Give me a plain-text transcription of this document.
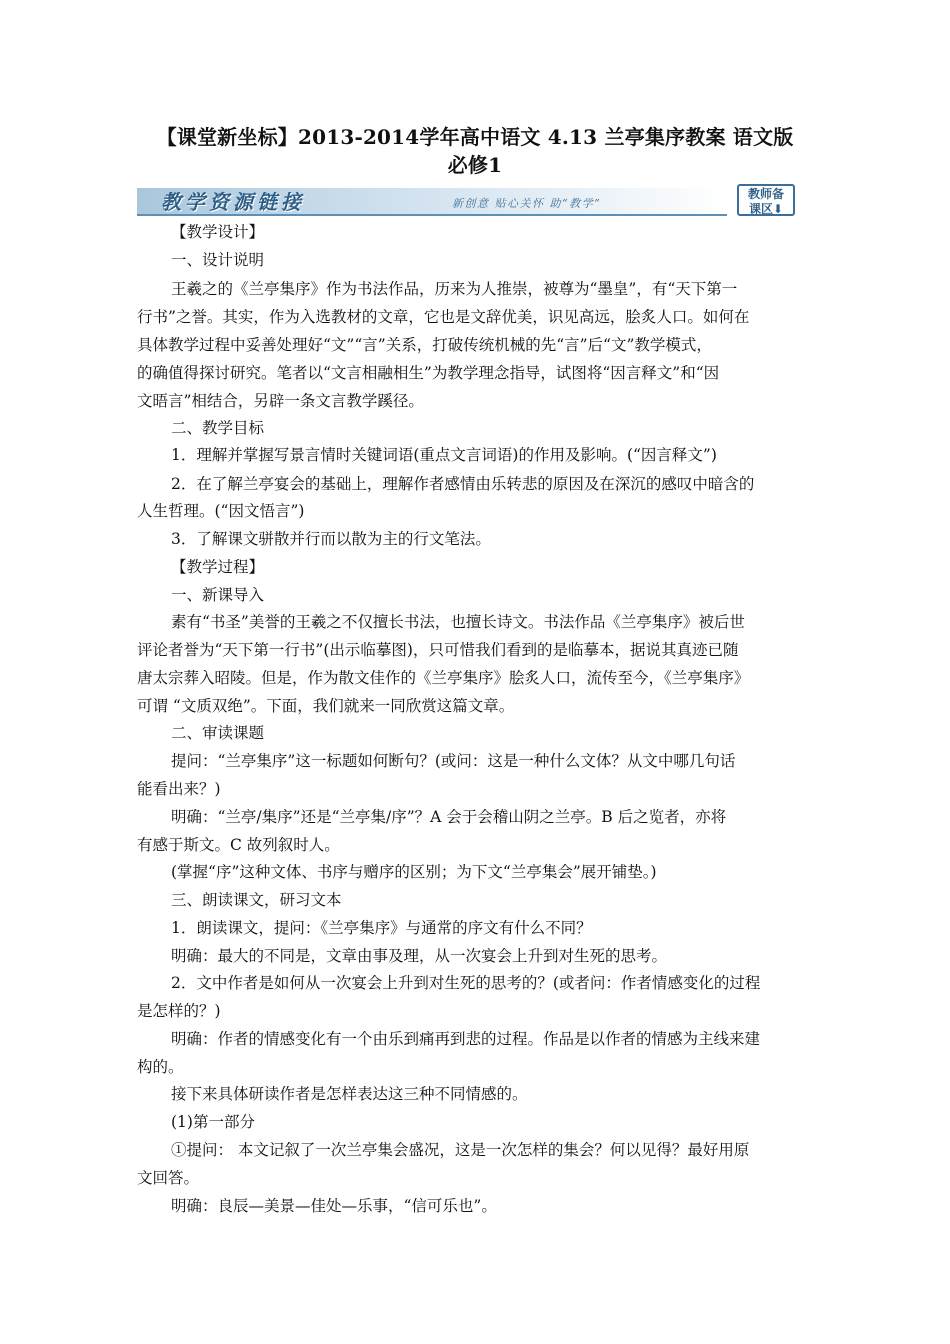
【课堂新坐标】2013-2014学年高中语文 4.13 兰亭集序教案 语文版
必修1
教学资源链接	新创意 贴心关怀 助“教学”
教师备
课区⬇
【教学设计】
一、设计说明
王羲之的《兰亭集序》作为书法作品，历来为人推崇，被尊为“墨皇”，有“天下第一
行书”之誉。其实，作为入选教材的文章，它也是文辞优美，识见高远，脍炙人口。如何在
具体教学过程中妥善处理好“文”“言”关系，打破传统机械的先“言”后“文”教学模式，
的确值得探讨研究。笔者以“文言相融相生”为教学理念指导，试图将“因言释文”和“因
文晤言”相结合，另辟一条文言教学蹊径。
二、教学目标
1．理解并掌握写景言情时关键词语(重点文言词语)的作用及影响。(“因言释文”)
2．在了解兰亭宴会的基础上，理解作者感情由乐转悲的原因及在深沉的感叹中暗含的
人生哲理。(“因文悟言”)
3．了解课文骈散并行而以散为主的行文笔法。
【教学过程】
一、新课导入
素有“书圣”美誉的王羲之不仅擅长书法，也擅长诗文。书法作品《兰亭集序》被后世
评论者誉为“天下第一行书”(出示临摹图)，只可惜我们看到的是临摹本，据说其真迹已随
唐太宗葬入昭陵。但是，作为散文佳作的《兰亭集序》脍炙人口，流传至今，《兰亭集序》
可谓 “文质双绝”。下面，我们就来一同欣赏这篇文章。
二、审读课题
提问：“兰亭集序”这一标题如何断句？(或问：这是一种什么文体？从文中哪几句话
能看出来？)
明确：“兰亭/集序”还是“兰亭集/序”？A 会于会稽山阴之兰亭。B 后之览者，亦将
有感于斯文。C 故列叙时人。
(掌握“序”这种文体、书序与赠序的区别；为下文“兰亭集会”展开铺垫。)
三、朗读课文，研习文本
1．朗读课文，提问：《兰亭集序》与通常的序文有什么不同？
明确：最大的不同是，文章由事及理，从一次宴会上升到对生死的思考。
2．文中作者是如何从一次宴会上升到对生死的思考的？(或者问：作者情感变化的过程
是怎样的？)
明确：作者的情感变化有一个由乐到痛再到悲的过程。作品是以作者的情感为主线来建
构的。
接下来具体研读作者是怎样表达这三种不同情感的。
(1)第一部分
①提问： 本文记叙了一次兰亭集会盛况，这是一次怎样的集会？何以见得？最好用原
文回答。
明确：良辰—美景—佳处—乐事，“信可乐也”。
